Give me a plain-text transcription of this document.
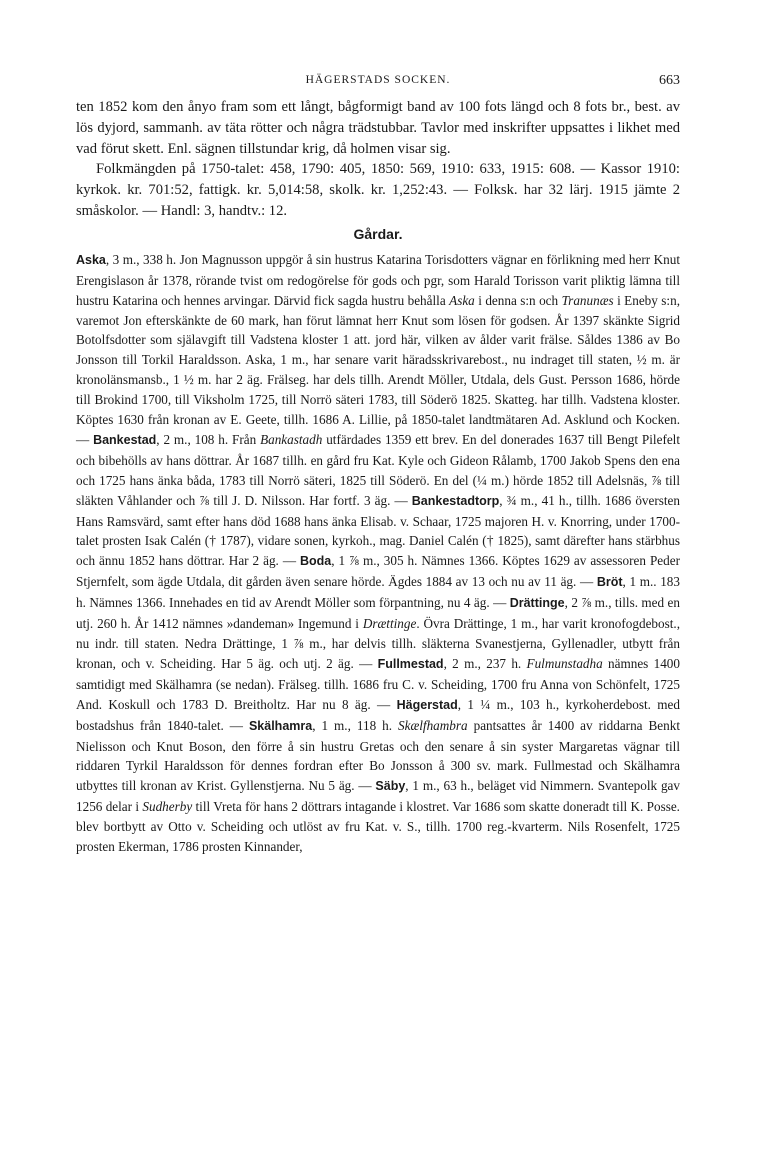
HÄGERSTADS SOCKEN.	663

ten 1852 kom den ånyo fram som ett långt, bågformigt band av 100 fots längd och 8 fots br., best. av lös dyjord, sammanh. av täta rötter och några trädstubbar. Tavlor med inskrifter uppsattes i likhet med vad förut skett. Enl. sägnen tillstundar krig, då holmen visar sig.

Folkmängden på 1750-talet: 458, 1790: 405, 1850: 569, 1910: 633, 1915: 608. — Kassor 1910: kyrkok. kr. 701:52, fattigk. kr. 5,014:58, skolk. kr. 1,252:43. — Folksk. har 32 lärj. 1915 jämte 2 småskolor. — Handl: 3, handtv.: 12.

Gårdar.

Aska, 3 m., 338 h. Jon Magnusson uppgör å sin hustrus Katarina Torisdotters vägnar en förlikning med herr Knut Erengislason år 1378, rörande tvist om redogörelse för gods och pgr, som Harald Torisson varit pliktig lämna till hustru Katarina och hennes arvingar. Därvid fick sagda hustru behålla Aska i denna s:n och Tranunæs i Eneby s:n, varemot Jon efterskänkte de 60 mark, han förut lämnat herr Knut som lösen för godsen. År 1397 skänkte Sigrid Botolfsdotter som själavgift till Vadstena kloster 1 att. jord här, vilken av ålder varit frälse. Såldes 1386 av Bo Jonsson till Torkil Haraldsson. Aska, 1 m., har senare varit häradsskrivarebost., nu indraget till staten, ½ m. är kronolänsmansb., 1 ½ m. har 2 äg. Frälseg. har dels tillh. Arendt Möller, Utdala, dels Gust. Persson 1686, hörde till Brokind 1700, till Viksholm 1725, till Norrö säteri 1783, till Söderö 1825. Skatteg. har tillh. Vadstena kloster. Köptes 1630 från kronan av E. Geete, tillh. 1686 A. Lillie, på 1850-talet landtmätaren Ad. Asklund och Kocken. — Bankestad, 2 m., 108 h. Från Bankastadh utfärdades 1359 ett brev. En del donerades 1637 till Bengt Pilefelt och bibehölls av hans döttrar. År 1687 tillh. en gård fru Kat. Kyle och Gideon Rålamb, 1700 Jakob Spens den ena och 1725 hans änka båda, 1783 till Norrö säteri, 1825 till Söderö. En del (¼ m.) hörde 1852 till Adelsnäs, ⅞ till släkten Våhlander och ⅞ till J. D. Nilsson. Har fortf. 3 äg. — Bankestadtorp, ¾ m., 41 h., tillh. 1686 översten Hans Ramsvärd, samt efter hans död 1688 hans änka Elisab. v. Schaar, 1725 majoren H. v. Knorring, under 1700-talet prosten Isak Calén († 1787), vidare sonen, kyrkoh., mag. Daniel Calén († 1825), samt därefter hans stärbhus och ännu 1852 hans döttrar. Har 2 äg. — Boda, 1 ⅞ m., 305 h. Nämnes 1366. Köptes 1629 av assessoren Peder Stjernfelt, som ägde Utdala, dit gården även senare hörde. Ägdes 1884 av 13 och nu av 11 äg. — Bröt, 1 m.. 183 h. Nämnes 1366. Innehades en tid av Arendt Möller som förpantning, nu 4 äg. — Drättinge, 2 ⅞ m., tills. med en utj. 260 h. År 1412 nämnes »dandeman» Ingemund i Drættinge. Övra Drättinge, 1 m., har varit kronofogdebost., nu indr. till staten. Nedra Drättinge, 1 ⅞ m., har delvis tillh. släkterna Svanestjerna, Gyllenadler, utbytt från kronan, och v. Scheiding. Har 5 äg. och utj. 2 äg. — Fullmestad, 2 m., 237 h. Fulmunstadha nämnes 1400 samtidigt med Skälhamra (se nedan). Frälseg. tillh. 1686 fru C. v. Scheiding, 1700 fru Anna von Schönfelt, 1725 And. Koskull och 1783 D. Breitholtz. Har nu 8 äg. — Hägerstad, 1 ¼ m., 103 h., kyrkoherdebost. med bostadshus från 1840-talet. — Skälhamra, 1 m., 118 h. Skælfhambra pantsattes år 1400 av riddarna Benkt Nielisson och Knut Boson, den förre å sin hustru Gretas och den senare å sin syster Margaretas vägnar till riddaren Tyrkil Haraldsson för dennes fordran efter Bo Jonsson å 300 sv. mark. Fullmestad och Skälhamra utbyttes till kronan av Krist. Gyllenstjerna. Nu 5 äg. — Säby, 1 m., 63 h., beläget vid Nimmern. Svantepolk gav 1256 delar i Sudherby till Vreta för hans 2 döttrars intagande i klostret. Var 1686 som skatte doneradt till K. Posse. blev bortbytt av Otto v. Scheiding och utlöst av fru Kat. v. S., tillh. 1700 reg.-kvarterm. Nils Rosenfelt, 1725 prosten Ekerman, 1786 prosten Kinnander,
